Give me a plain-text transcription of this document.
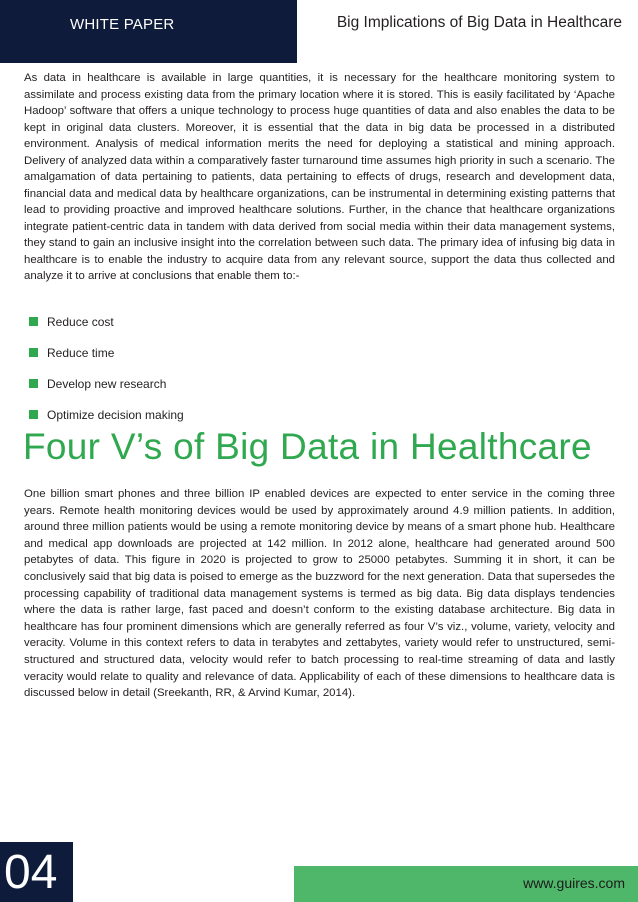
WHITE PAPER	Big Implications of Big Data in Healthcare

As data in healthcare is available in large quantities, it is necessary for the healthcare monitoring system to assimilate and process existing data from the primary location where it is stored. This is easily facilitated by ‘Apache Hadoop’ software that offers a unique technology to process huge quantities of data and also enables the data to be kept in original data clusters. Moreover, it is essential that the data in big data be processed in a distributed environment. Analysis of medical information merits the need for deploying a statistical and mining approach. Delivery of analyzed data within a comparatively faster turnaround time assumes high priority in such a scenario. The amalgamation of data pertaining to patients, data pertaining to effects of drugs, research and development data, financial data and medical data by healthcare organizations, can be instrumental in determining existing patterns that lead to providing proactive and improved healthcare solutions. Further, in the chance that healthcare organizations integrate patient-centric data in tandem with data derived from social media within their data management systems, they stand to gain an inclusive insight into the correlation between such data. The primary idea of infusing big data in healthcare is to enable the industry to acquire data from any relevant source, support the data thus collected and analyze it to arrive at conclusions that enable them to:-

Reduce cost
Reduce time
Develop new research
Optimize decision making
Four V’s of Big Data in Healthcare

One billion smart phones and three billion IP enabled devices are expected to enter service in the coming three years. Remote health monitoring devices would be used by approximately around 4.9 million patients. In addition, around three million patients would be using a remote monitoring device by means of a smart phone hub. Healthcare and medical app downloads are projected at 142 million. In 2012 alone, healthcare had generated around 500 petabytes of data. This figure in 2020 is projected to grow to 25000 petabytes. Summing it in short, it can be conclusively said that big data is poised to emerge as the buzzword for the next generation. Data that supersedes the processing capability of traditional data management systems is termed as big data. Big data displays tendencies where the data is rather large, fast paced and doesn’t conform to the existing database architecture. Big data in healthcare has four prominent dimensions which are generally referred as four V’s viz., volume, variety, velocity and veracity. Volume in this context refers to data in terabytes and zettabytes, variety would refer to unstructured, semi-structured and structured data, velocity would refer to batch processing to real-time streaming of data and lastly veracity would relate to quality and relevance of data. Applicability of each of these dimensions to healthcare data is discussed below in detail (Sreekanth, RR, & Arvind Kumar, 2014).

04	www.guires.com
